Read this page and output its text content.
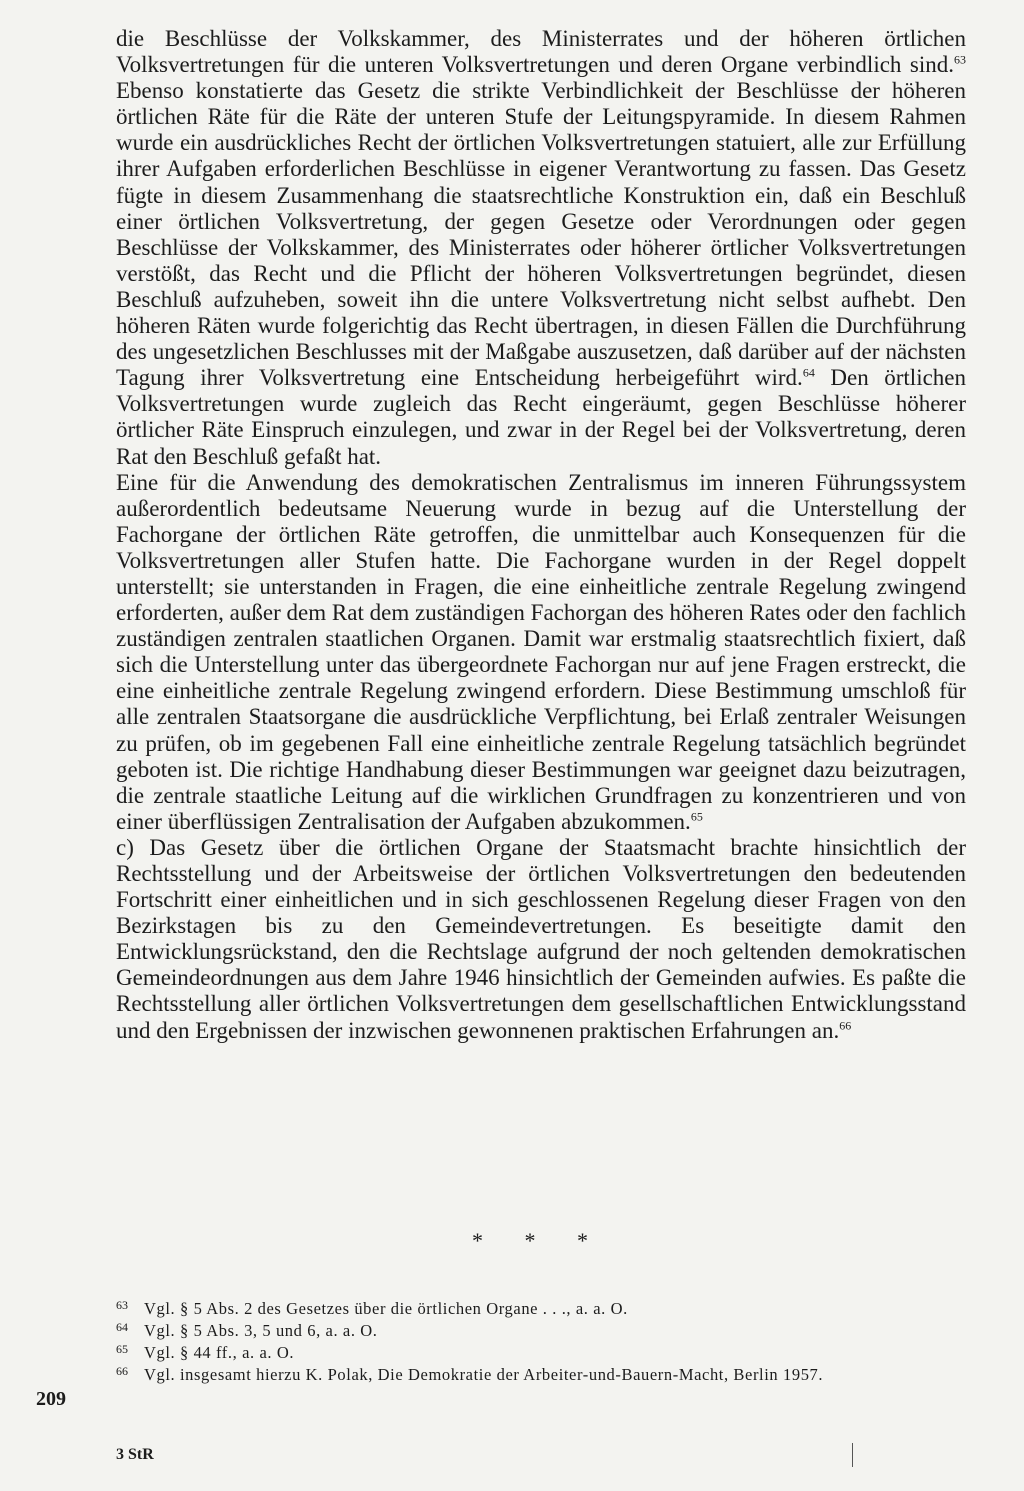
die Beschlüsse der Volkskammer, des Ministerrates und der höheren örtlichen Volksvertretungen für die unteren Volksvertretungen und deren Organe verbindlich sind.$^{63}$ Ebenso konstatierte das Gesetz die strikte Verbindlichkeit der Beschlüsse der höheren örtlichen Räte für die Räte der unteren Stufe der Leitungspyramide. In diesem Rahmen wurde ein ausdrückliches Recht der örtlichen Volksvertretungen statuiert, alle zur Erfüllung ihrer Aufgaben erforderlichen Beschlüsse in eigener Verantwortung zu fassen. Das Gesetz fügte in diesem Zusammenhang die staatsrechtliche Konstruktion ein, daß ein Beschluß einer örtlichen Volksvertretung, der gegen Gesetze oder Verordnungen oder gegen Beschlüsse der Volkskammer, des Ministerrates oder höherer örtlicher Volksvertretungen verstößt, das Recht und die Pflicht der höheren Volksvertretungen begründet, diesen Beschluß aufzuheben, soweit ihn die untere Volksvertretung nicht selbst aufhebt. Den höheren Räten wurde folgerichtig das Recht übertragen, in diesen Fällen die Durchführung des ungesetzlichen Beschlusses mit der Maßgabe auszusetzen, daß darüber auf der nächsten Tagung ihrer Volksvertretung eine Entscheidung herbeigeführt wird.$^{64}$ Den örtlichen Volksvertretungen wurde zugleich das Recht eingeräumt, gegen Beschlüsse höherer örtlicher Räte Einspruch einzulegen, und zwar in der Regel bei der Volksvertretung, deren Rat den Beschluß gefaßt hat.

Eine für die Anwendung des demokratischen Zentralismus im inneren Führungssystem außerordentlich bedeutsame Neuerung wurde in bezug auf die Unterstellung der Fachorgane der örtlichen Räte getroffen, die unmittelbar auch Konsequenzen für die Volksvertretungen aller Stufen hatte. Die Fachorgane wurden in der Regel doppelt unterstellt; sie unterstanden in Fragen, die eine einheitliche zentrale Regelung zwingend erforderten, außer dem Rat dem zuständigen Fachorgan des höheren Rates oder den fachlich zuständigen zentralen staatlichen Organen. Damit war erstmalig staatsrechtlich fixiert, daß sich die Unterstellung unter das übergeordnete Fachorgan nur auf jene Fragen erstreckt, die eine einheitliche zentrale Regelung zwingend erfordern. Diese Bestimmung umschloß für alle zentralen Staatsorgane die ausdrückliche Verpflichtung, bei Erlaß zentraler Weisungen zu prüfen, ob im gegebenen Fall eine einheitliche zentrale Regelung tatsächlich begründet geboten ist. Die richtige Handhabung dieser Bestimmungen war geeignet dazu beizutragen, die zentrale staatliche Leitung auf die wirklichen Grundfragen zu konzentrieren und von einer überflüssigen Zentralisation der Aufgaben abzukommen.$^{65}$

c) Das Gesetz über die örtlichen Organe der Staatsmacht brachte hinsichtlich der Rechtsstellung und der Arbeitsweise der örtlichen Volksvertretungen den bedeutenden Fortschritt einer einheitlichen und in sich geschlossenen Regelung dieser Fragen von den Bezirkstagen bis zu den Gemeindevertretungen. Es beseitigte damit den Entwicklungsrückstand, den die Rechtslage aufgrund der noch geltenden demokratischen Gemeindeordnungen aus dem Jahre 1946 hinsichtlich der Gemeinden aufwies. Es paßte die Rechtsstellung aller örtlichen Volksvertretungen dem gesellschaftlichen Entwicklungsstand und den Ergebnissen der inzwischen gewonnenen praktischen Erfahrungen an.$^{66}$

* * *
63 Vgl. § 5 Abs. 2 des Gesetzes über die örtlichen Organe . . ., a. a. O.
64 Vgl. § 5 Abs. 3, 5 und 6, a. a. O.
65 Vgl. § 44 ff., a. a. O.
66 Vgl. insgesamt hierzu K. Polak, Die Demokratie der Arbeiter-und-Bauern-Macht, Berlin 1957.
209
3 StR
